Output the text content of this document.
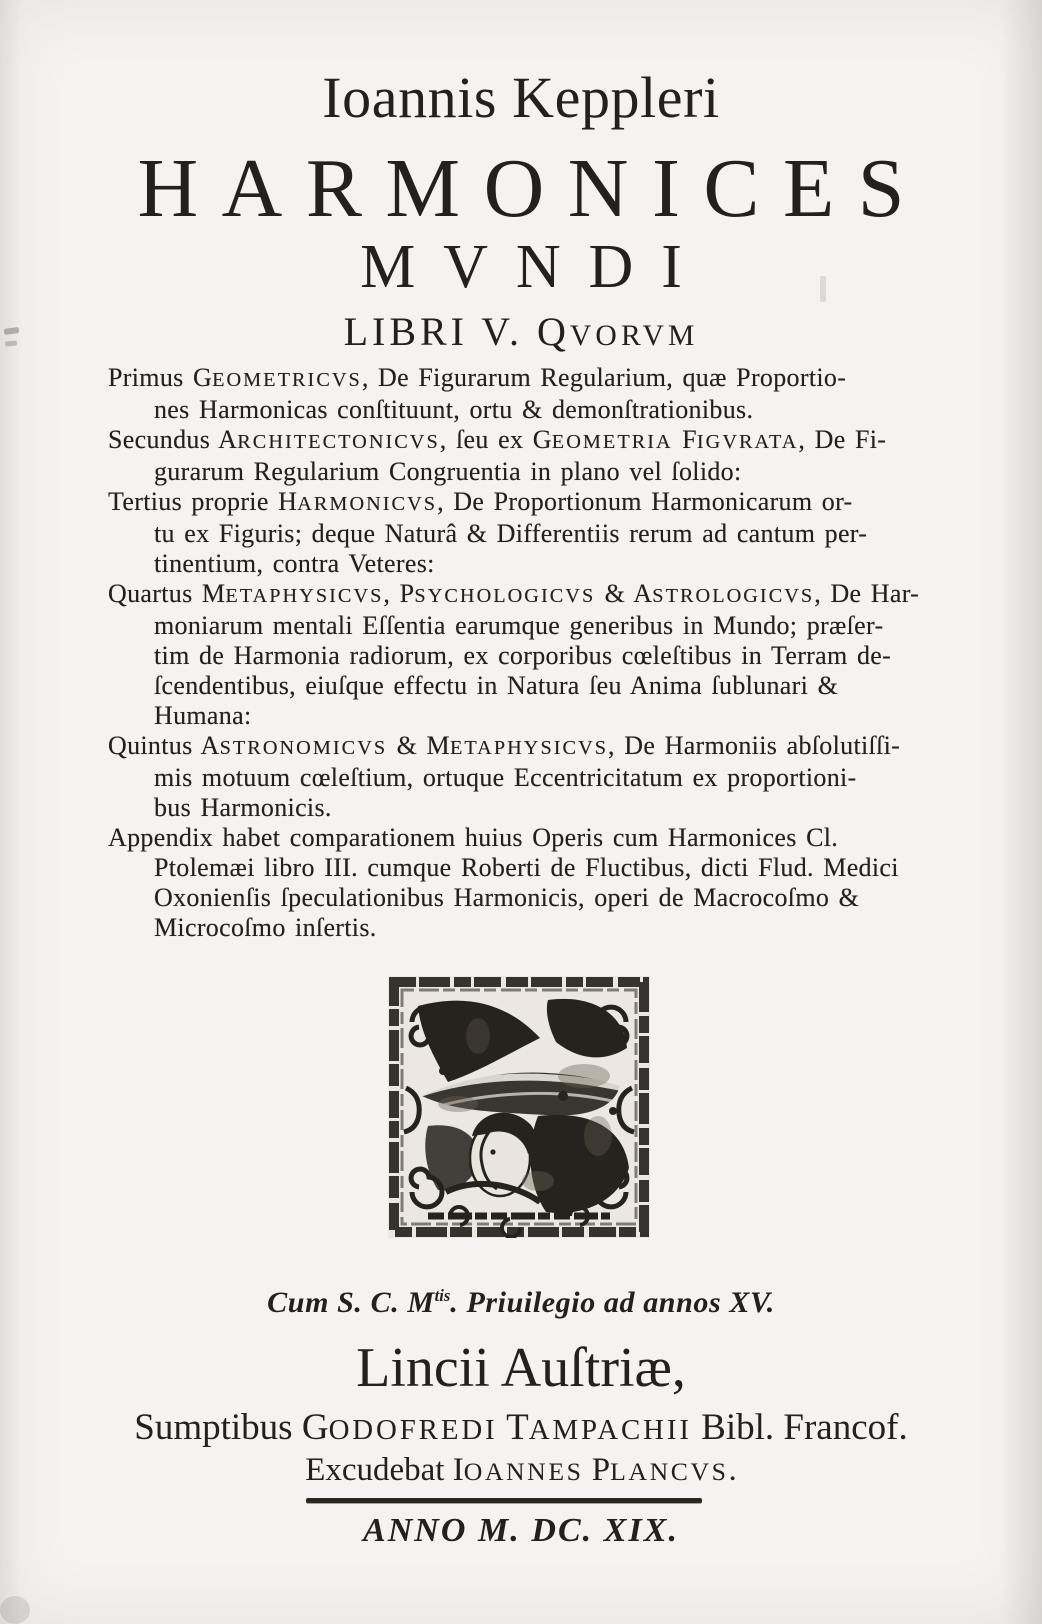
Ioannis Keppleri
HARMONICES
MVNDI
LIBRI V. QVORVM
Primus GEOMETRICVS, De Figurarum Regularium, quæ Proportio-
nes Harmonicas conſtituunt, ortu & demonſtrationibus.
Secundus ARCHITECTONICVS, ſeu ex GEOMETRIA FIGVRATA, De Fi-
gurarum Regularium Congruentia in plano vel ſolido:
Tertius proprie HARMONICVS, De Proportionum Harmonicarum or-
tu ex Figuris; deque Naturâ & Differentiis rerum ad cantum per-
tinentium, contra Veteres:
Quartus METAPHYSICVS, PSYCHOLOGICVS & ASTROLOGICVS, De Har-
moniarum mentali Eſſentia earumque generibus in Mundo; præſer-
tim de Harmonia radiorum, ex corporibus cœleſtibus in Terram de-
ſcendentibus, eiuſque effectu in Natura ſeu Anima ſublunari &
Humana:
Quintus ASTRONOMICVS & METAPHYSICVS, De Harmoniis abſolutiſſi-
mis motuum cœleſtium, ortuque Eccentricitatum ex proportioni-
bus Harmonicis.
Appendix habet comparationem huius Operis cum Harmonices Cl.
Ptolemæi libro III. cumque Roberti de Fluctibus, dicti Flud. Medici
Oxonienſis ſpeculationibus Harmonicis, operi de Macrocoſmo &
Microcoſmo inſertis.
Cum S. C. $M^{tis}$. Priuilegio ad annos XV.
Lincii Auſtriæ,
Sumptibus GODOFREDI TAMPACHII Bibl. Francof.
Excudebat IOANNES PLANCVS.
ANNO M. DC. XIX.
